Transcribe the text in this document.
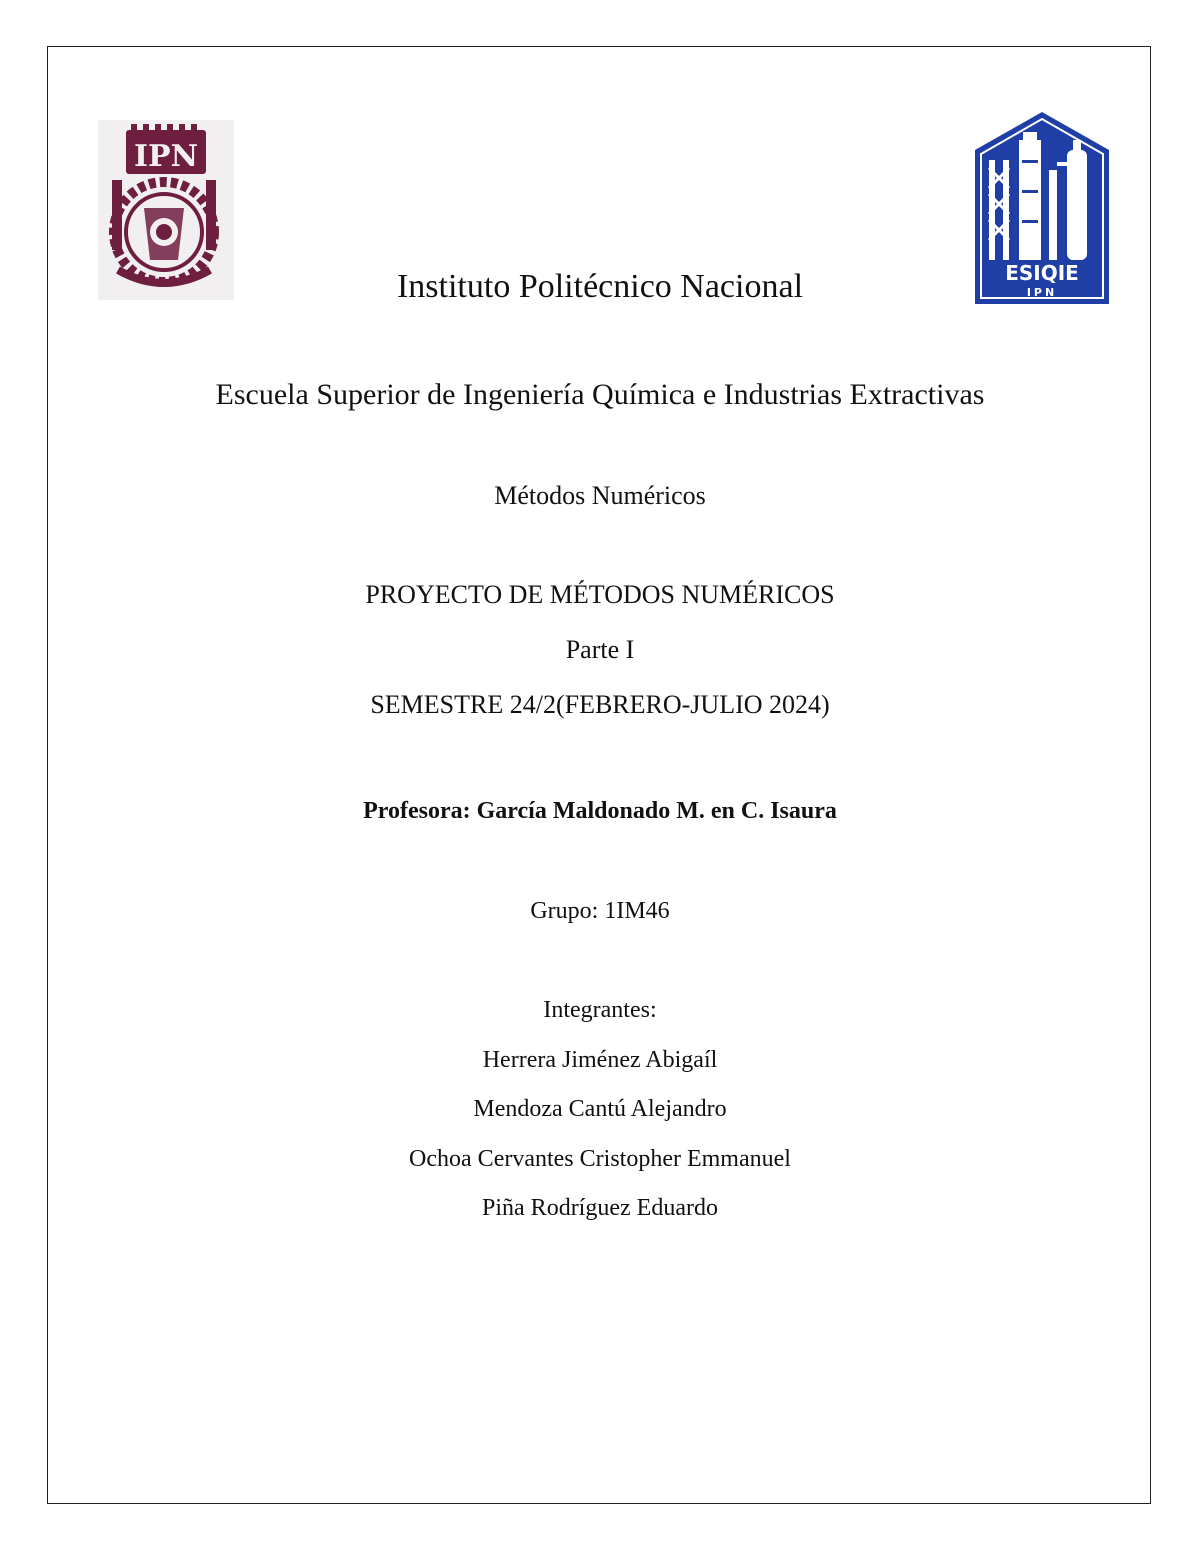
IPN
ESIQIE
IPN
Instituto Politécnico Nacional
Escuela Superior de Ingeniería Química e Industrias Extractivas
Métodos Numéricos
PROYECTO DE MÉTODOS NUMÉRICOS
Parte I
SEMESTRE 24/2(FEBRERO-JULIO 2024)
Profesora: García Maldonado M. en C. Isaura
Grupo: 1IM46
Integrantes:
Herrera Jiménez Abigaíl
Mendoza Cantú Alejandro
Ochoa Cervantes Cristopher Emmanuel
Piña Rodríguez Eduardo
